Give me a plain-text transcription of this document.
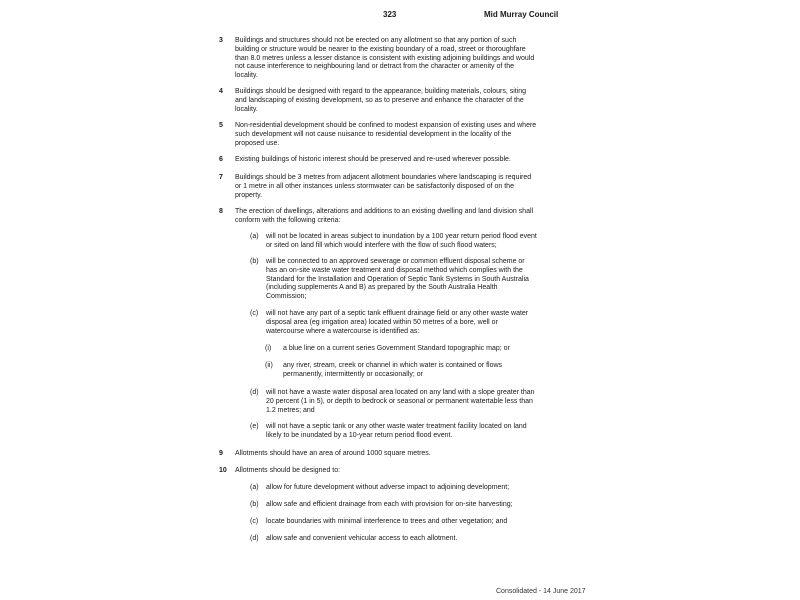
323	Mid Murray Council
3 Buildings and structures should not be erected on any allotment so that any portion of such
building or structure would be nearer to the existing boundary of a road, street or thoroughfare
than 8.0 metres unless a lesser distance is consistent with existing adjoining buildings and would
not cause interference to neighbouring land or detract from the character or amenity of the
locality.
4 Buildings should be designed with regard to the appearance, building materials, colours, siting
and landscaping of existing development, so as to preserve and enhance the character of the
locality.
5 Non-residential development should be confined to modest expansion of existing uses and where
such development will not cause nuisance to residential development in the locality of the
proposed use.
6 Existing buildings of historic interest should be preserved and re-used wherever possible.
7 Buildings should be 3 metres from adjacent allotment boundaries where landscaping is required
or 1 metre in all other instances unless stormwater can be satisfactorily disposed of on the
property.
8 The erection of dwellings, alterations and additions to an existing dwelling and land division shall
conform with the following criteria:
(a) will not be located in areas subject to inundation by a 100 year return period flood event
or sited on land fill which would interfere with the flow of such flood waters;
(b) will be connected to an approved sewerage or common effluent disposal scheme or
has an on-site waste water treatment and disposal method which complies with the
Standard for the Installation and Operation of Septic Tank Systems in South Australia
(including supplements A and B) as prepared by the South Australia Health
Commission;
(c) will not have any part of a septic tank effluent drainage field or any other waste water
disposal area (eg irrigation area) located within 50 metres of a bore, well or
watercourse where a watercourse is identified as:
(i) a blue line on a current series Government Standard topographic map; or
(ii) any river, stream, creek or channel in which water is contained or flows
permanently, intermittently or occasionally; or
(d) will not have a waste water disposal area located on any land with a slope greater than
20 percent (1 in 5), or depth to bedrock or seasonal or permanent watertable less than
1.2 metres; and
(e) will not have a septic tank or any other waste water treatment facility located on land
likely to be inundated by a 10-year return period flood event.
9 Allotments should have an area of around 1000 square metres.
10 Allotments should be designed to:
(a) allow for future development without adverse impact to adjoining development;
(b) allow safe and efficient drainage from each with provision for on-site harvesting;
(c) locate boundaries with minimal interference to trees and other vegetation; and
(d) allow safe and convenient vehicular access to each allotment.
Consolidated - 14 June 2017
